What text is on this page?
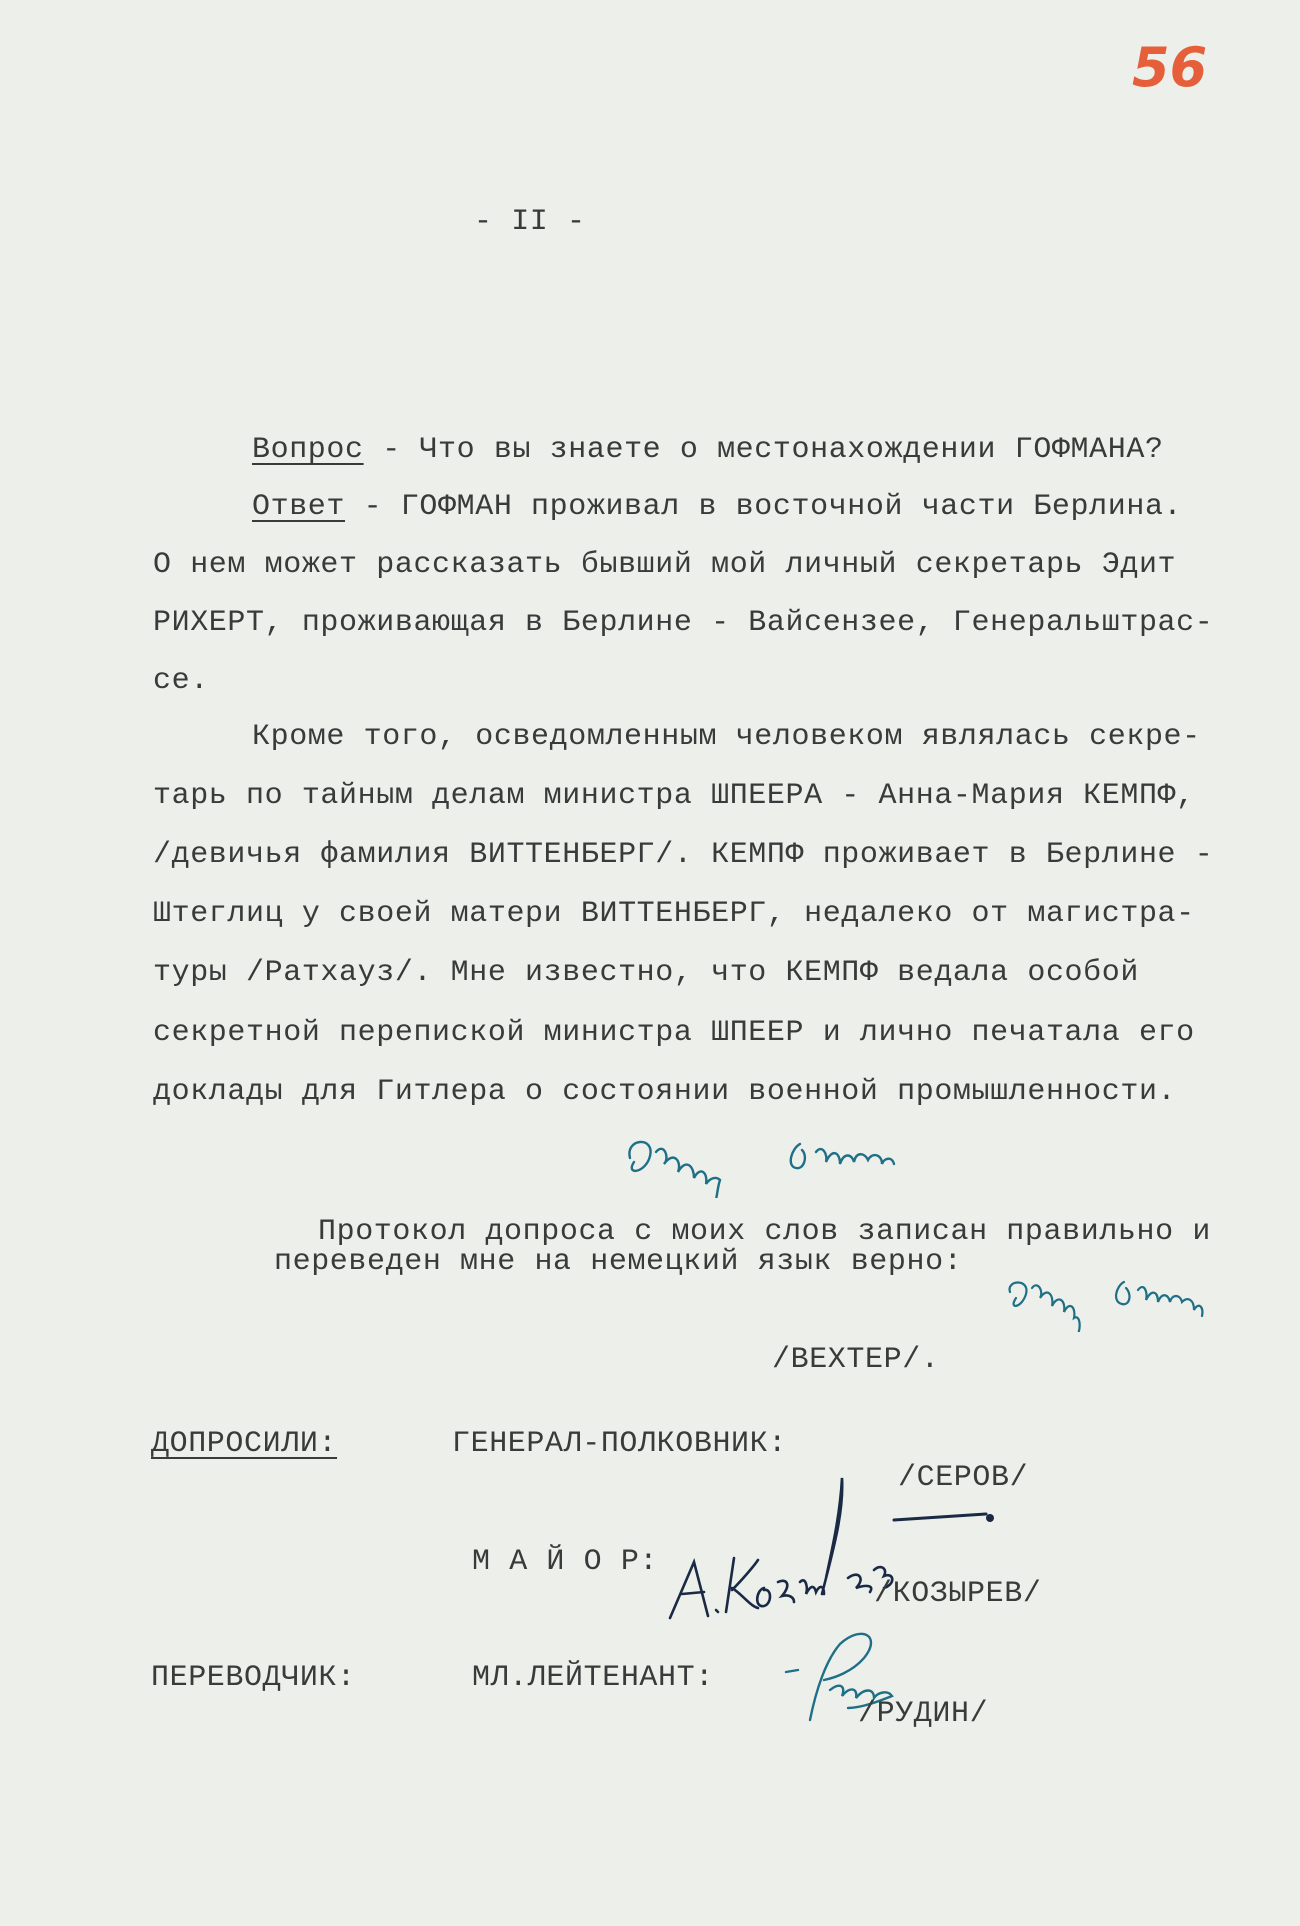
56
- II -
Вопрос - Что вы знаете о местонахождении ГОФМАНА?
Ответ - ГОФМАН проживал в восточной части Берлина.
О нем может рассказать бывший мой личный секретарь Эдит
РИХЕРТ, проживающая в Берлине - Вайсензее, Генеральштрас-
се.
Кроме того, осведомленным человеком являлась секре-
тарь по тайным делам министра ШПЕЕРА - Анна-Мария КЕМПФ,
/девичья фамилия ВИТТЕНБЕРГ/. КЕМПФ проживает в Берлине -
Штеглиц у своей матери ВИТТЕНБЕРГ, недалеко от магистра-
туры /Ратхауз/. Мне известно, что КЕМПФ ведала особой
секретной перепиской министра ШПЕЕР и лично печатала его
доклады для Гитлера о состоянии военной промышленности.
Протокол допроса с моих слов записан правильно и
переведен мне на немецкий язык верно:
/ВЕХТЕР/.
ДОПРОСИЛИ:	ГЕНЕРАЛ-ПОЛКОВНИК:
/СЕРОВ/
М А Й О Р:
/КОЗЫРЕВ/
ПЕРЕВОДЧИК:	МЛ.ЛЕЙТЕНАНТ:
/РУДИН/
